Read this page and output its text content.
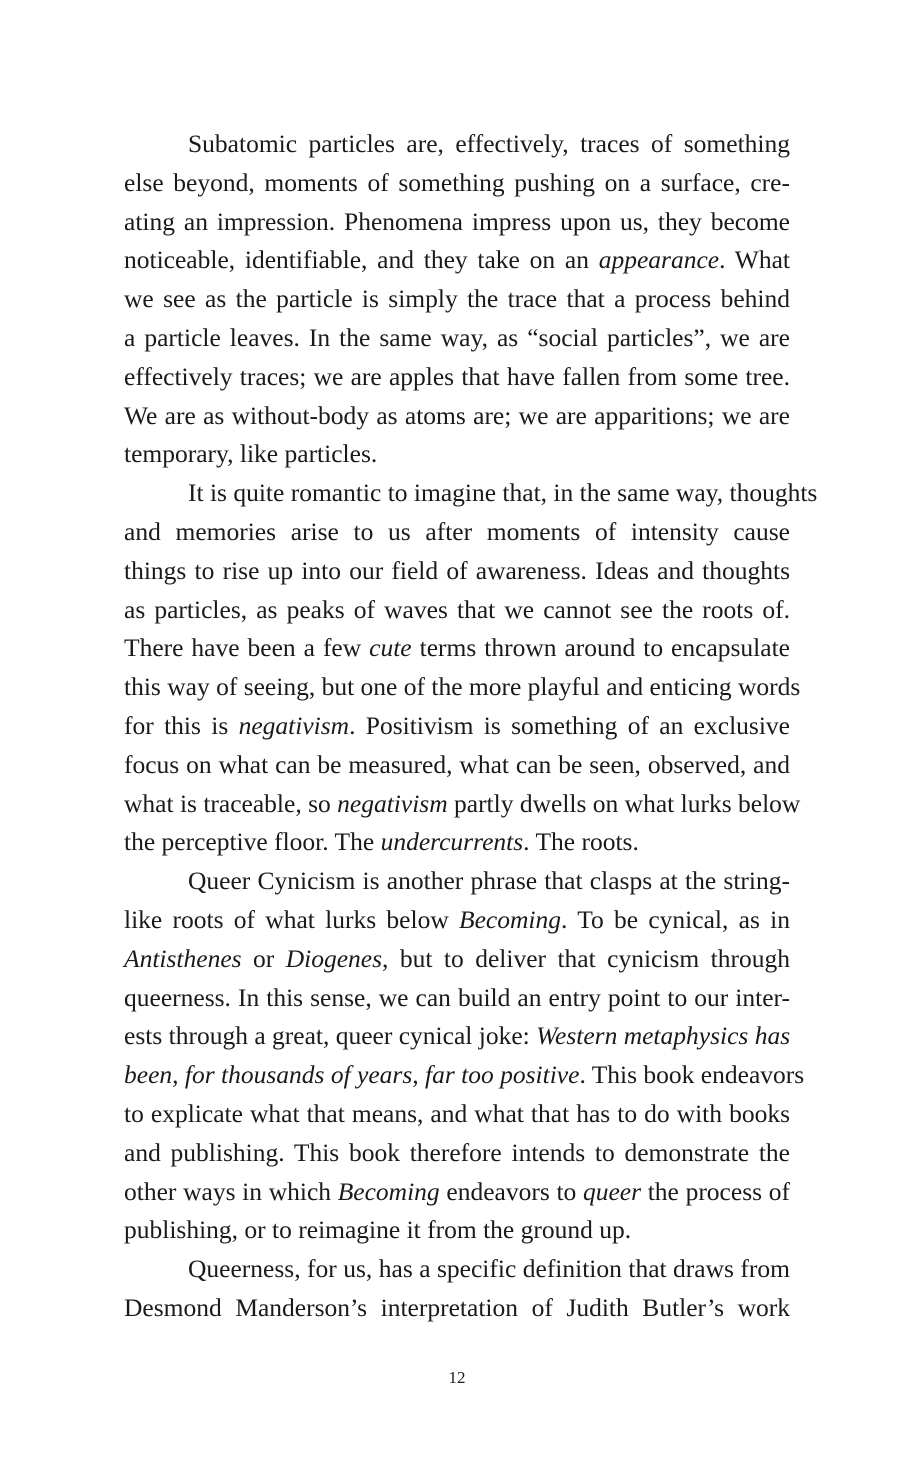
Subatomic particles are, effectively, traces of something
else beyond, moments of something pushing on a surface, cre-
ating an impression. Phenomena impress upon us, they become
noticeable, identifiable, and they take on an appearance. What
we see as the particle is simply the trace that a process behind
a particle leaves. In the same way, as “social particles”, we are
effectively traces; we are apples that have fallen from some tree.
We are as without-body as atoms are; we are apparitions; we are
temporary, like particles.
It is quite romantic to imagine that, in the same way, thoughts
and memories arise to us after moments of intensity cause
things to rise up into our field of awareness. Ideas and thoughts
as particles, as peaks of waves that we cannot see the roots of.
There have been a few cute terms thrown around to encapsulate
this way of seeing, but one of the more playful and enticing words
for this is negativism. Positivism is something of an exclusive
focus on what can be measured, what can be seen, observed, and
what is traceable, so negativism partly dwells on what lurks below
the perceptive floor. The undercurrents. The roots.
Queer Cynicism is another phrase that clasps at the string-
like roots of what lurks below Becoming. To be cynical, as in
Antisthenes or Diogenes, but to deliver that cynicism through
queerness. In this sense, we can build an entry point to our inter-
ests through a great, queer cynical joke: Western metaphysics has
been, for thousands of years, far too positive. This book endeavors
to explicate what that means, and what that has to do with books
and publishing. This book therefore intends to demonstrate the
other ways in which Becoming endeavors to queer the process of
publishing, or to reimagine it from the ground up.
Queerness, for us, has a specific definition that draws from
Desmond Manderson’s interpretation of Judith Butler’s work
12
